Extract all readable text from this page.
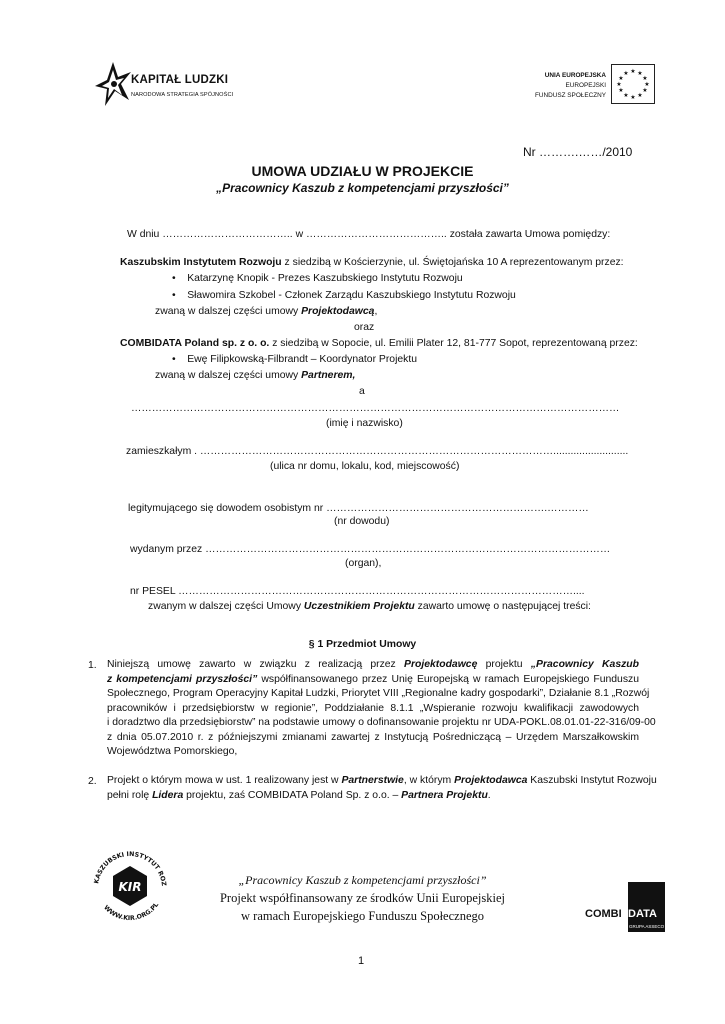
KAPITAŁ LUDZKI
NARODOWA STRATEGIA SPÓJNOŚCI
UNIA EUROPEJSKA
EUROPEJSKI
FUNDUSZ SPOŁECZNY
★ ★
★
★
★
★
★
★
★
★
★
★
Nr ……….……/2010
UMOWA UDZIAŁU W PROJEKCIE
„Pracownicy Kaszub z kompetencjami przyszłości”
W dniu ……………………………….. w ………………………………….. została zawarta Umowa pomiędzy:
Kaszubskim Instytutem Rozwoju z siedzibą w Kościerzynie, ul. Świętojańska 10 A reprezentowanym przez:
•    Katarzynę Knopik - Prezes Kaszubskiego Instytutu Rozwoju
•    Sławomira Szkobel - Członek Zarządu Kaszubskiego Instytutu Rozwoju
zwaną w dalszej części umowy Projektodawcą,
oraz
COMBIDATA Poland sp. z o. o. z siedzibą w Sopocie, ul. Emilii Plater 12, 81-777 Sopot, reprezentowaną przez:
•    Ewę Filipkowską-Filbrandt – Koordynator Projektu
zwaną w dalszej części umowy Partnerem,
a
……………………………………………………………………………………………………………………………
(imię i nazwisko)
zamieszkałym . …………………………………………………………………………………………..........................
(ulica nr domu, lokalu, kod, miejscowość)
legitymującego się dowodem osobistym nr ……………………………………………………….…………
(nr dowodu)
wydanym przez ………………………………………………………………………………………………………
(organ),
nr PESEL ……………………………………………………………………………………………………....
zwanym w dalszej części Umowy Uczestnikiem Projektu zawarto umowę o następującej treści:
§ 1 Przedmiot Umowy
1. Niniejszą umowę zawarto w związku z realizacją przez Projektodawcę projektu „Pracownicy Kaszub
z kompetencjami przyszłości” współfinansowanego przez Unię Europejską w ramach Europejskiego Funduszu
Społecznego, Program Operacyjny Kapitał Ludzki, Priorytet VIII „Regionalne kadry gospodarki”, Działanie 8.1 „Rozwój
pracowników i przedsiębiorstw w regionie”, Poddziałanie 8.1.1 „Wspieranie rozwoju kwalifikacji zawodowych
i doradztwo dla przedsiębiorstw” na podstawie umowy o dofinansowanie projektu nr UDA-POKL.08.01.01-22-316/09-00
z dnia 05.07.2010 r. z późniejszymi zmianami zawartej z Instytucją Pośredniczącą – Urzędem Marszałkowskim
Województwa Pomorskiego,
2. Projekt o którym mowa w ust. 1 realizowany jest w Partnerstwie, w którym Projektodawca Kaszubski Instytut Rozwoju
pełni rolę Lidera projektu, zaś COMBIDATA Poland Sp. z o.o. – Partnera Projektu.
KASZUBSKI INSTYTUT ROZ
WWW.KIR.ORG.PL
KIR	„Pracownicy Kaszub z kompetencjami przyszłości”
Projekt współfinansowany ze środków Unii Europejskiej
w ramach Europejskiego Funduszu Społecznego	COMBI DATA
GRUPA ASSECO
1
